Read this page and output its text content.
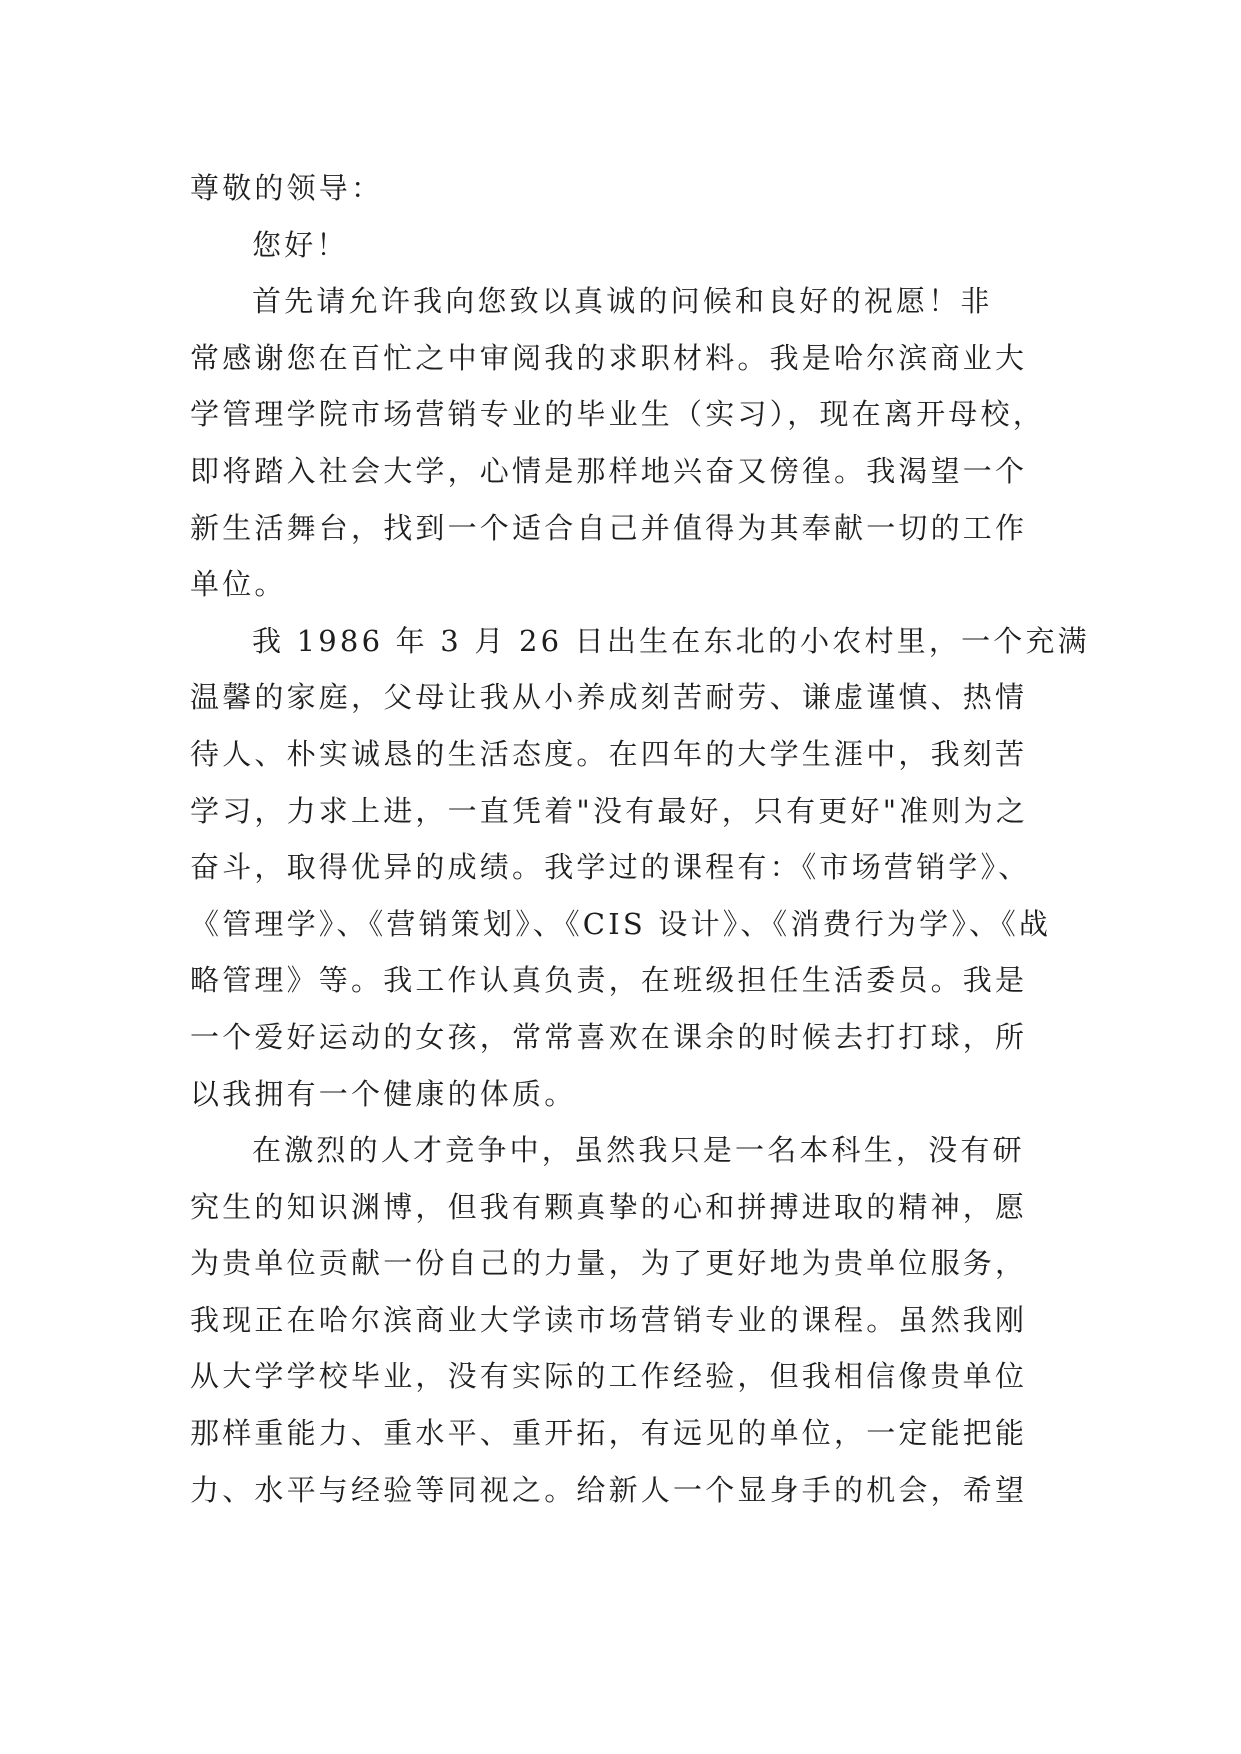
尊敬的领导：

您好！

首先请允许我向您致以真诚的问候和良好的祝愿！非
常感谢您在百忙之中审阅我的求职材料。我是哈尔滨商业大
学管理学院市场营销专业的毕业生（实习），现在离开母校，
即将踏入社会大学，心情是那样地兴奋又傍徨。我渴望一个
新生活舞台，找到一个适合自己并值得为其奉献一切的工作
单位。

我 1986 年 3 月 26 日出生在东北的小农村里，一个充满
温馨的家庭，父母让我从小养成刻苦耐劳、谦虚谨慎、热情
待人、朴实诚恳的生活态度。在四年的大学生涯中，我刻苦
学习，力求上进，一直凭着"没有最好，只有更好"准则为之
奋斗，取得优异的成绩。我学过的课程有：《市场营销学》、
《管理学》、《营销策划》、《CIS 设计》、《消费行为学》、《战
略管理》等。我工作认真负责，在班级担任生活委员。我是
一个爱好运动的女孩，常常喜欢在课余的时候去打打球，所
以我拥有一个健康的体质。

在激烈的人才竞争中，虽然我只是一名本科生，没有研
究生的知识渊博，但我有颗真挚的心和拼搏进取的精神，愿
为贵单位贡献一份自己的力量，为了更好地为贵单位服务，
我现正在哈尔滨商业大学读市场营销专业的课程。虽然我刚
从大学学校毕业，没有实际的工作经验，但我相信像贵单位
那样重能力、重水平、重开拓，有远见的单位，一定能把能
力、水平与经验等同视之。给新人一个显身手的机会，希望
